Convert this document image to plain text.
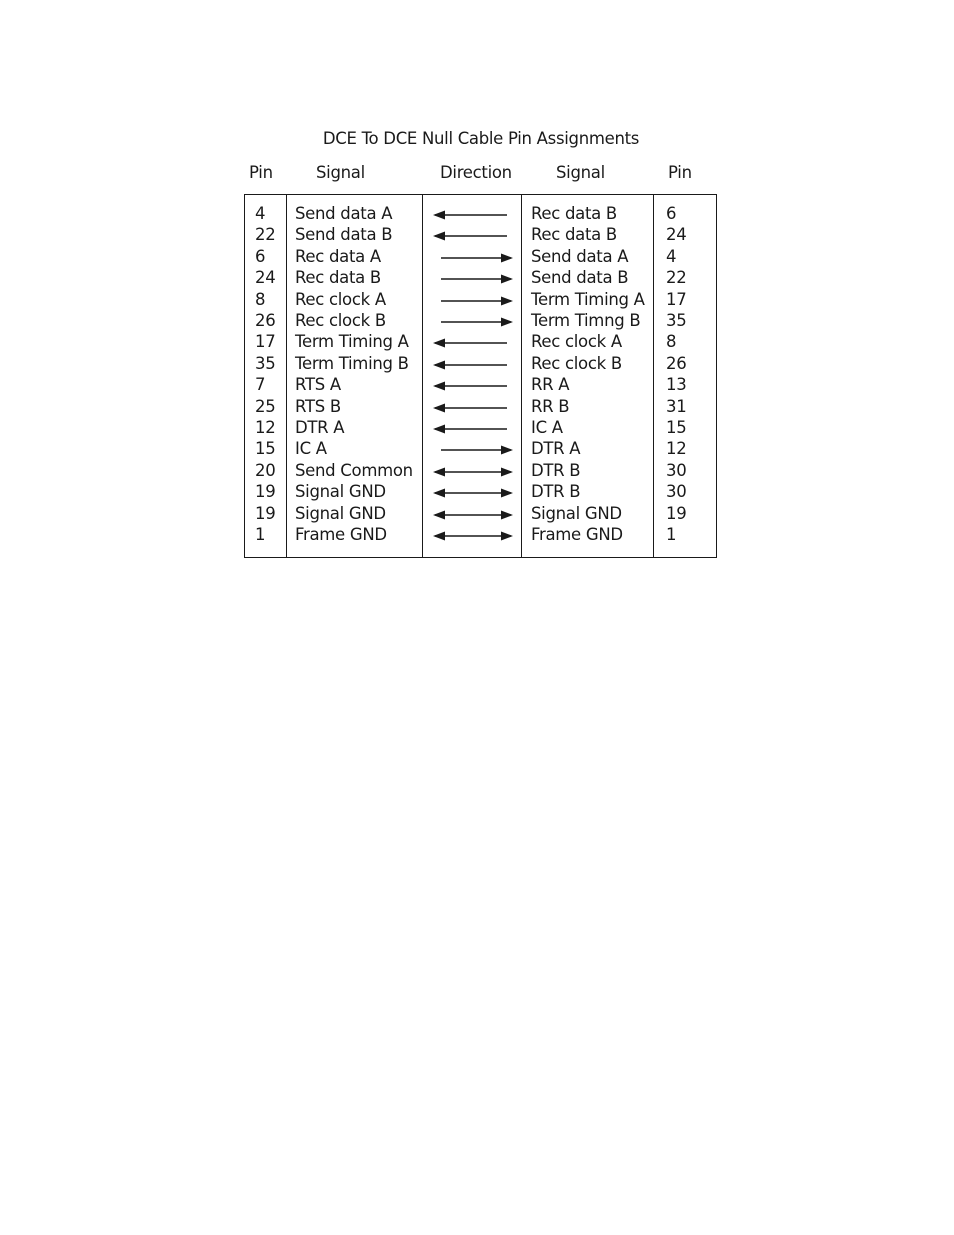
DCE To DCE Null Cable Pin Assignments
Pin	Signal	Direction	Signal	Pin
4 Send data A	Rec data B	6
22 Send data B	Rec data B	24
6 Rec data A	Send data A 4
24 Rec data B	Send data B 22
8 Rec clock A	Term Timing A 17
26 Rec clock B	Term Timng B 35
17 Term Timing A	Rec clock A	8
35 Term Timing B	Rec clock B	26
7 RTS A	RR A	13
25 RTS B	RR B	31
12 DTR A	IC A	15
15 IC A	DTR A	12
20 Send Common	DTR B	30
19 Signal GND	DTR B	30
19 Signal GND	Signal GND	19
1 Frame GND	Frame GND	1
